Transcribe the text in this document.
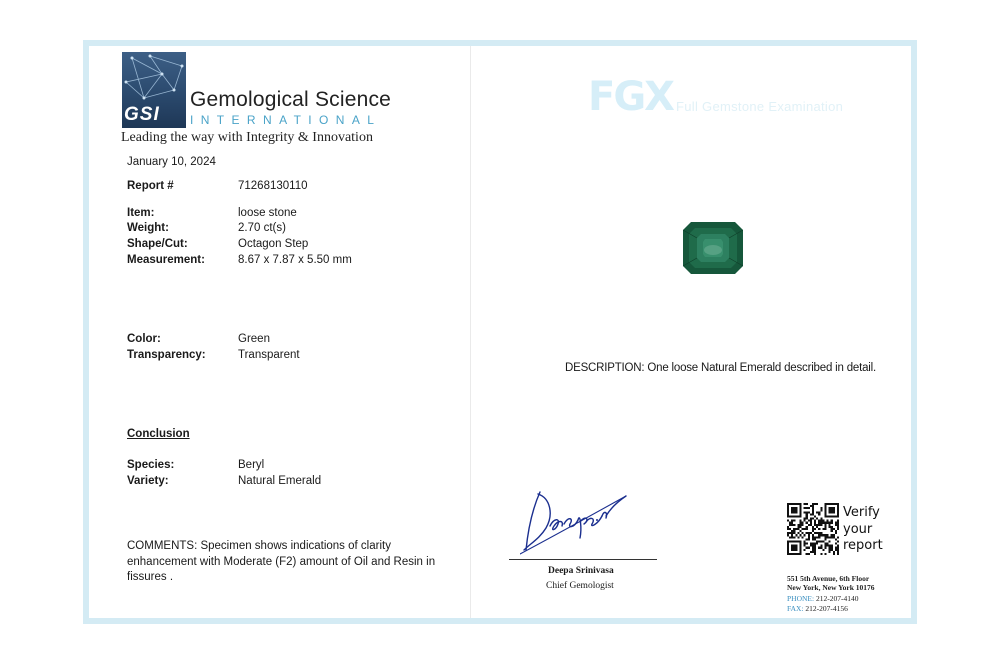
GSI
Gemological Science
INTERNATIONAL
Leading the way with Integrity & Innovation
January 10, 2024
Report #	71268130110
Item:	loose stone
Weight:	2.70 ct(s)
Shape/Cut:	Octagon Step
Measurement:	8.67 x 7.87 x 5.50 mm
Color:	Green
Transparency:	Transparent
Conclusion
Species:	Beryl
Variety:	Natural Emerald
COMMENTS: Specimen shows indications of clarity enhancement with Moderate (F2) amount of Oil and Resin in fissures .
FGX Full Gemstone Examination
DESCRIPTION: One loose Natural Emerald described in detail.
Deepa Srinivasa
Chief Gemologist
Verify
your
report
551 5th Avenue, 6th Floor
New York, New York 10176
PHONE: 212-207-4140
FAX: 212-207-4156
